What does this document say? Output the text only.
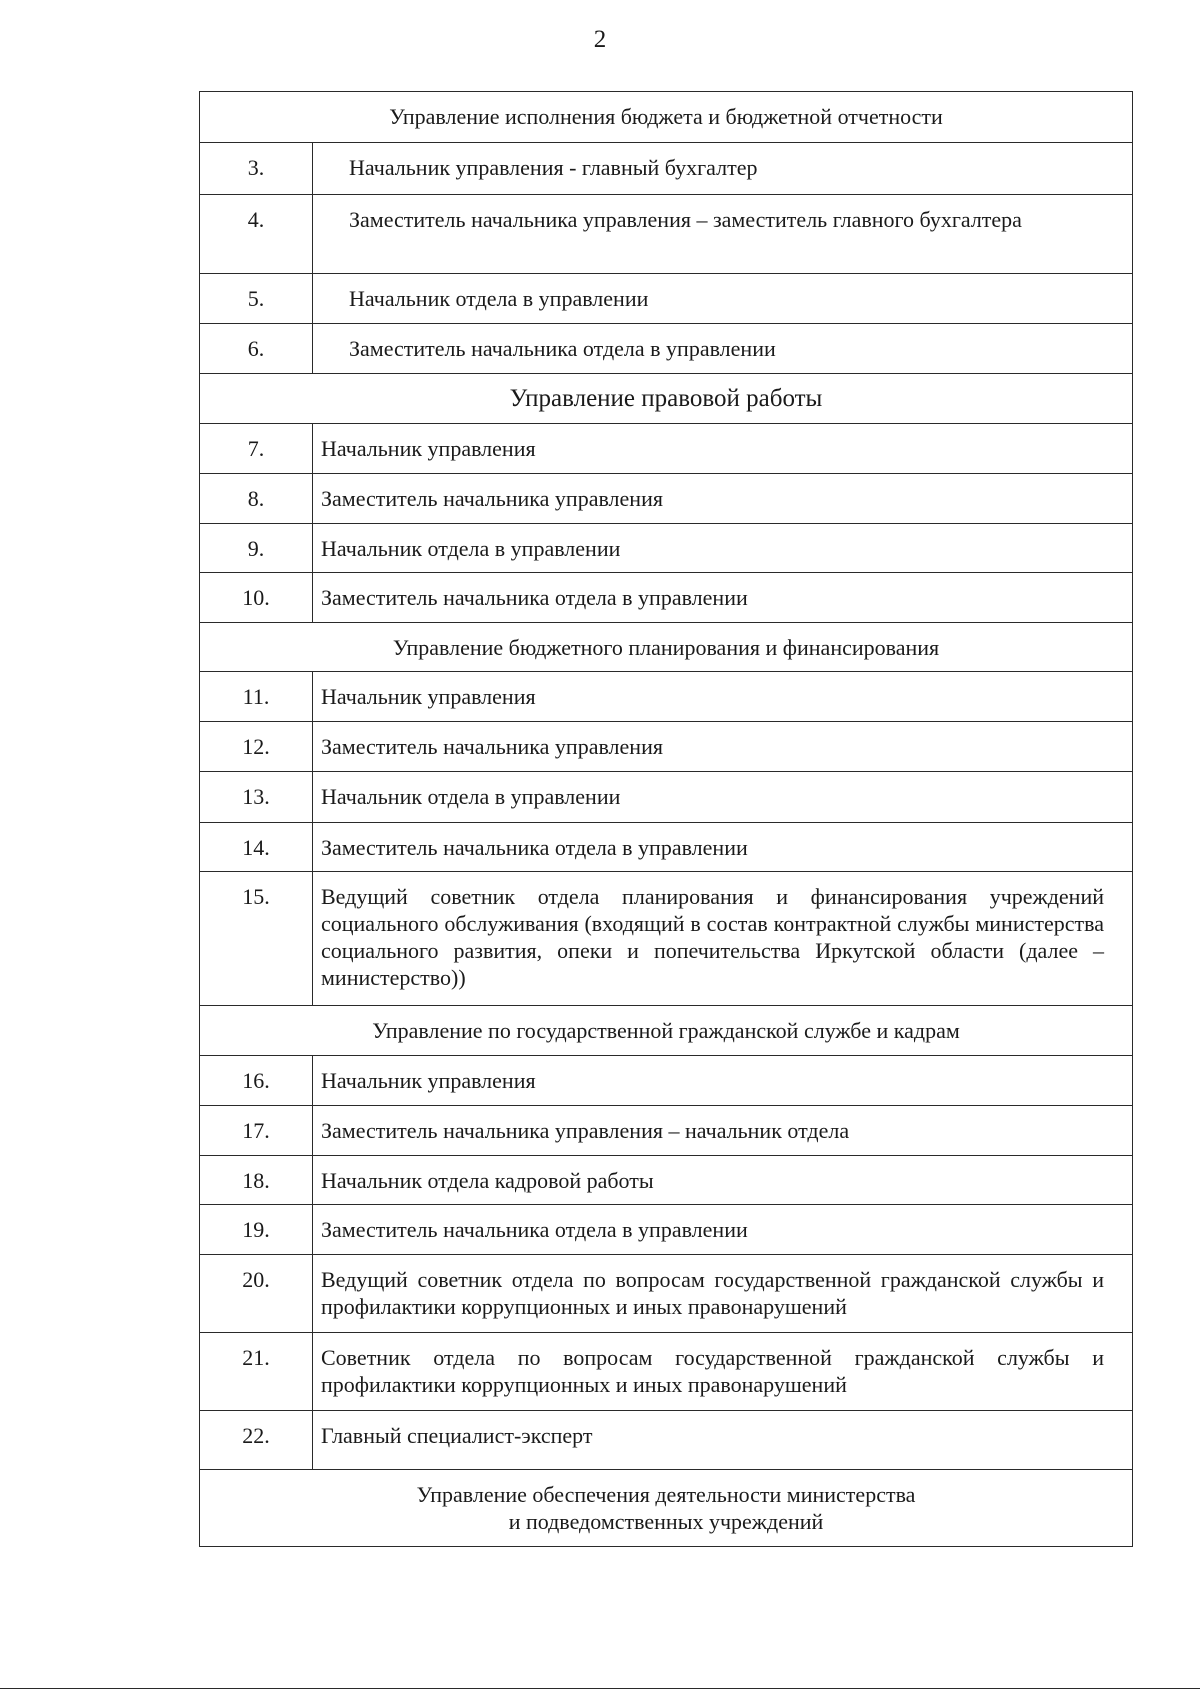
2
Управление исполнения бюджета и бюджетной отчетности	
3.	Начальник управления - главный бухгалтер
4.	Заместитель начальника управления – заместитель главного бухгалтера
5.	Начальник отдела в управлении
6.	Заместитель начальника отдела в управлении
Управление правовой работы	
7.	Начальник управления
8.	Заместитель начальника управления
9.	Начальник отдела в управлении
10.	Заместитель начальника отдела в управлении
Управление бюджетного планирования и финансирования	
11.	Начальник управления
12.	Заместитель начальника управления
13.	Начальник отдела в управлении
14.	Заместитель начальника отдела в управлении
15.	Ведущий советник отдела планирования и финансирования учреждений социального обслуживания (входящий в состав контрактной службы министерства социального развития, опеки и попечительства Иркутской области (далее – министерство))
Управление по государственной гражданской службе и кадрам	
16.	Начальник управления
17.	Заместитель начальника управления – начальник отдела
18.	Начальник отдела кадровой работы
19.	Заместитель начальника отдела в управлении
20.	Ведущий советник отдела по вопросам государственной гражданской службы и профилактики коррупционных и иных правонарушений
21.	Советник отдела по вопросам государственной гражданской службы и профилактики коррупционных и иных правонарушений
22.	Главный специалист-эксперт
Управление обеспечения деятельности министерства
и подведомственных учреждений	
